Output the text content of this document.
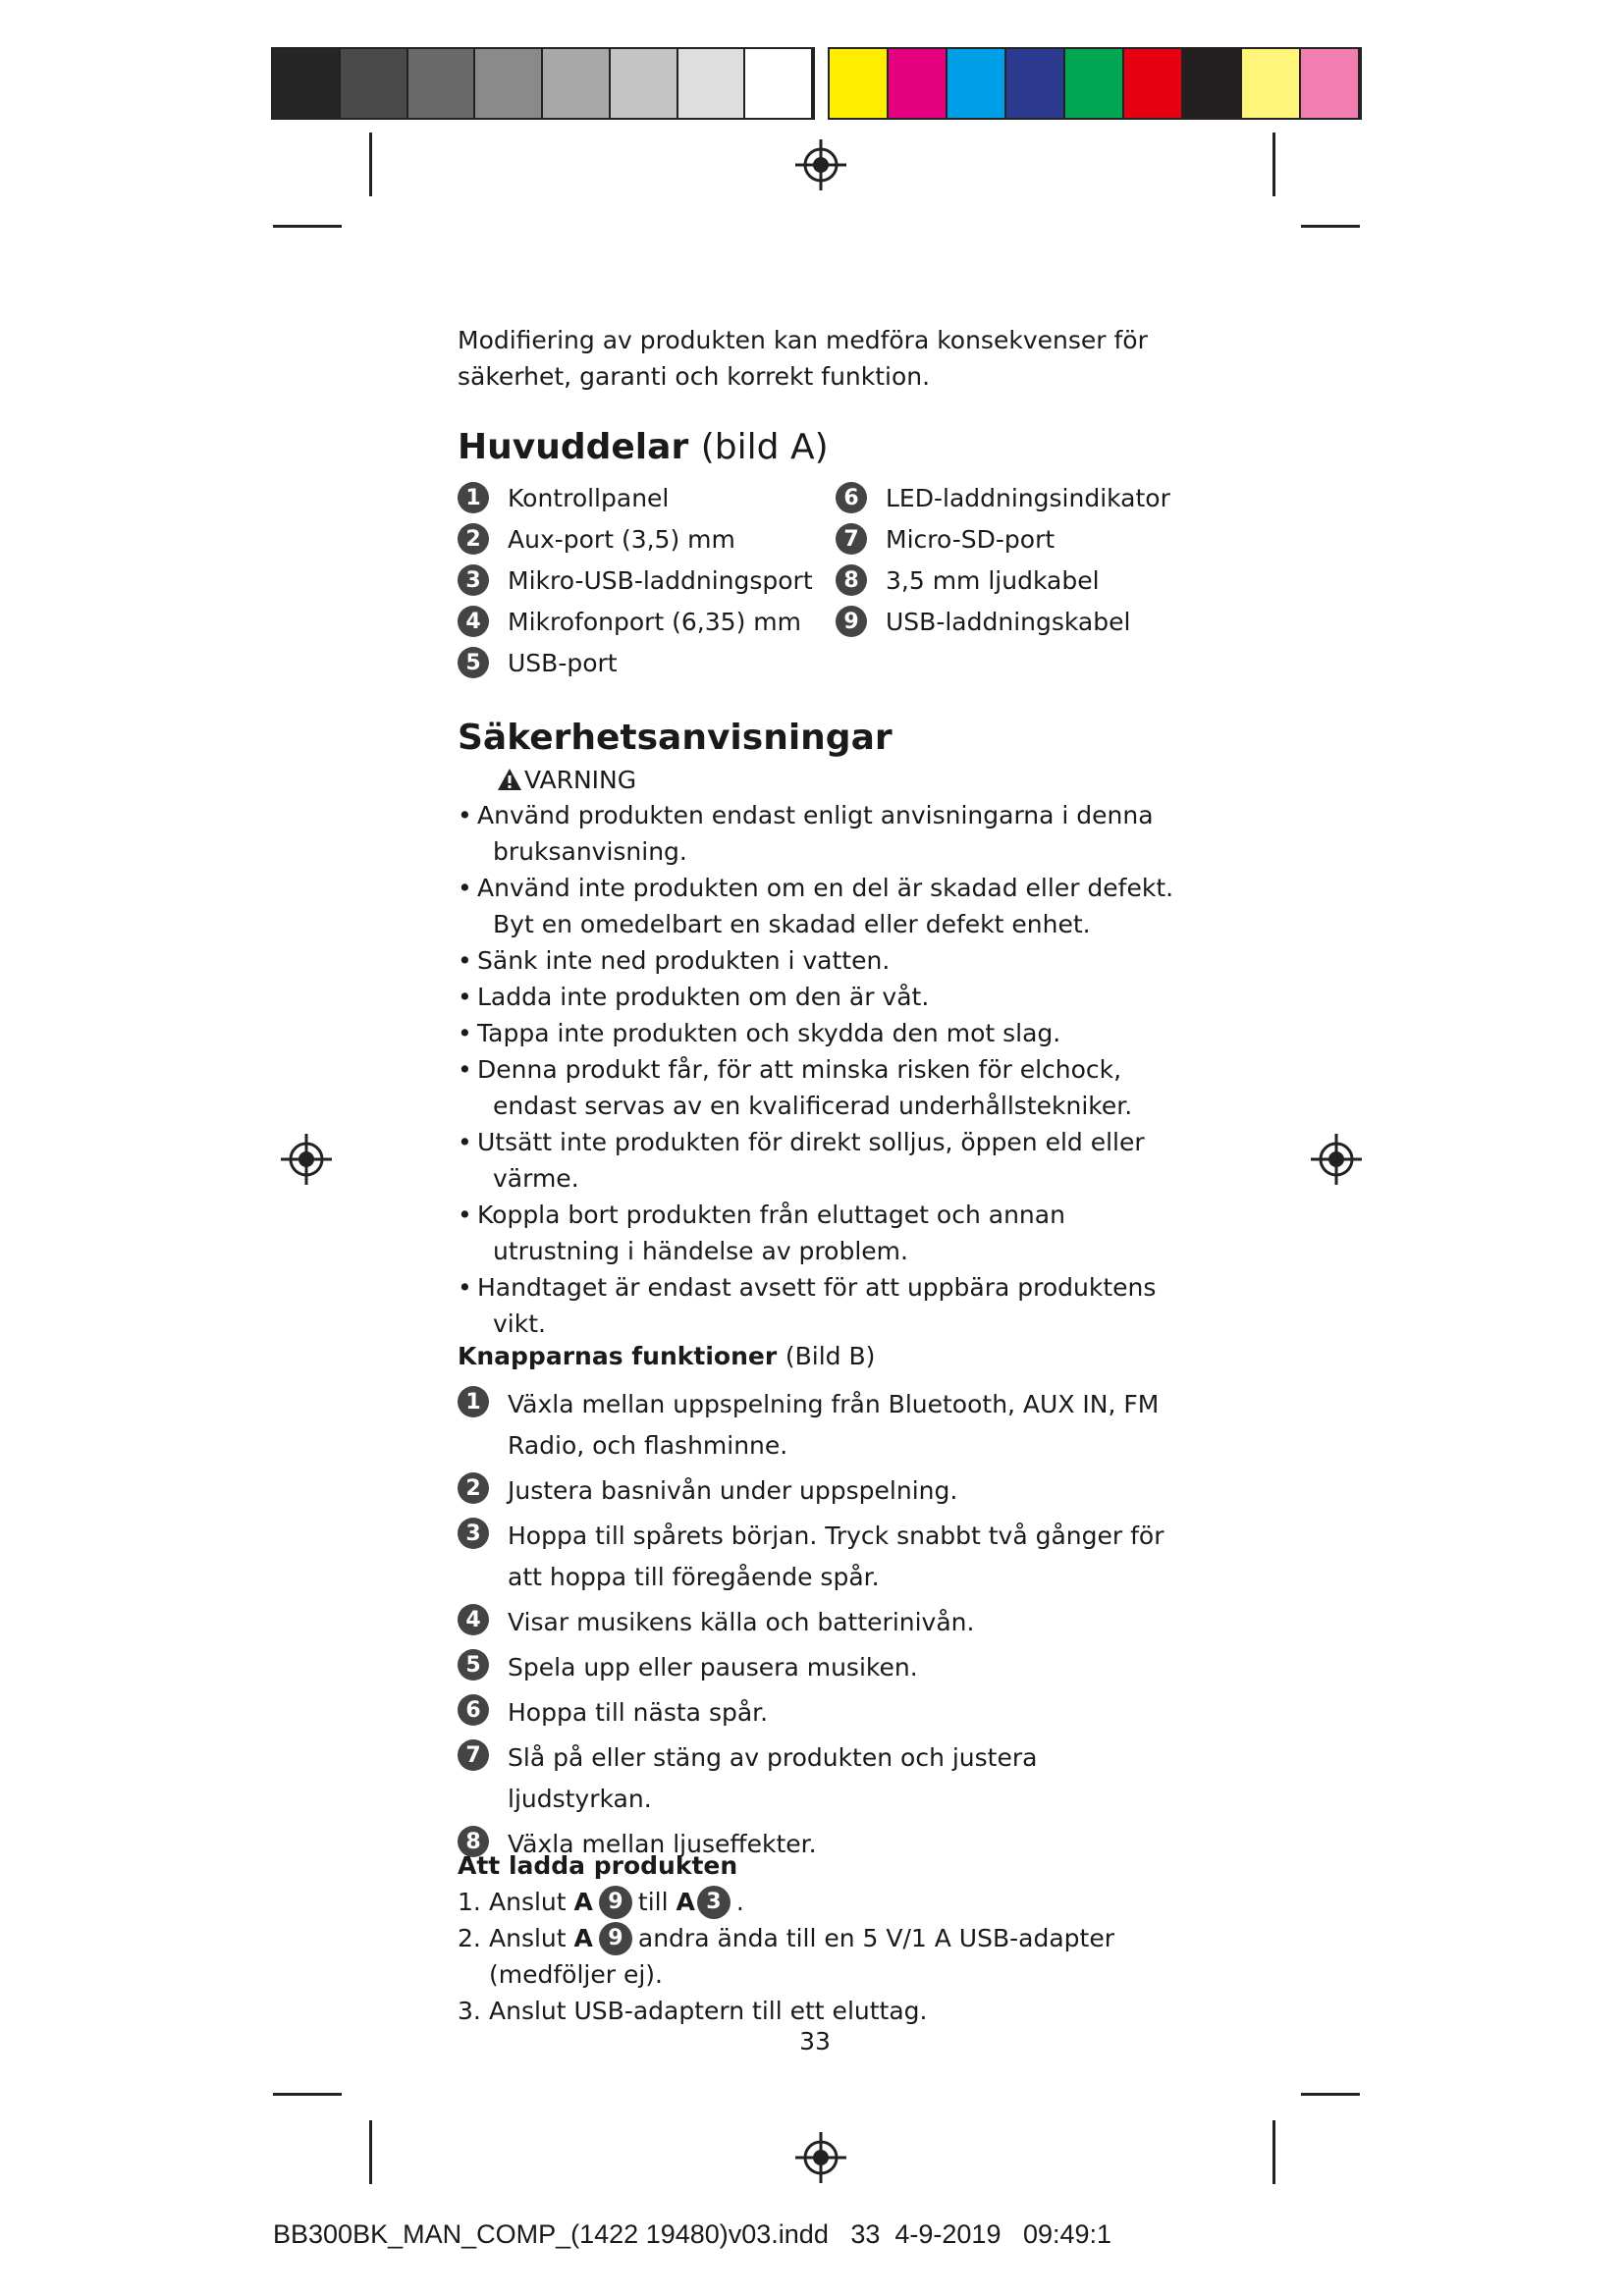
Modifiering av produkten kan medföra konsekvenser för

säkerhet, garanti och korrekt funktion.

Huvuddelar (bild A)
1	Kontrollpanel	6	LED-laddningsindikator
2	Aux-port (3,5) mm	7	Micro-SD-port
3	Mikro-USB-laddningsport	8	3,5 mm ljudkabel
4	Mikrofonport (6,35) mm	9	USB-laddningskabel
5	USB-port
Säkerhetsanvisningar
VARNING
• Använd produkten endast enligt anvisningarna i denna bruksanvisning.
• Använd inte produkten om en del är skadad eller defekt. Byt en omedelbart en skadad eller defekt enhet.
• Sänk inte ned produkten i vatten.
• Ladda inte produkten om den är våt.
• Tappa inte produkten och skydda den mot slag.
• Denna produkt får, för att minska risken för elchock, endast servas av en kvalificerad underhållstekniker.
• Utsätt inte produkten för direkt solljus, öppen eld eller värme.
• Koppla bort produkten från eluttaget och annan utrustning i händelse av problem.
• Handtaget är endast avsett för att uppbära produktens vikt.
Knapparnas funktioner (Bild B)
1	Växla mellan uppspelning från Bluetooth, AUX IN, FM Radio, och flashminne.
2	Justera basnivån under uppspelning.
3	Hoppa till spårets början. Tryck snabbt två gånger för att hoppa till föregående spår.
4	Visar musikens källa och batterinivån.
5	Spela upp eller pausera musiken.
6	Hoppa till nästa spår.
7	Slå på eller stäng av produkten och justera ljudstyrkan.
8	Växla mellan ljuseffekter.
Att ladda produkten
1. Anslut
A 9 till
A 3 .
2. Anslut
A 9 andra ända till en 5 V/1 A USB-adapter
(medföljer ej).
3. Anslut USB-adaptern till ett eluttag.
33
BB300BK_MAN_COMP_(1422 19480)v03.indd   33  4-9-2019   09:49:1
